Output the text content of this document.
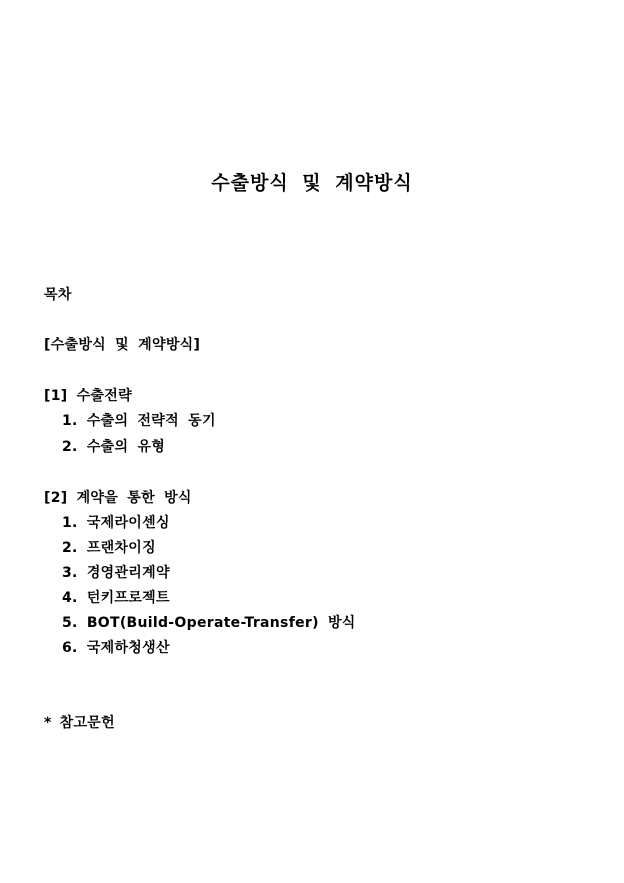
수출방식 및 계약방식
목차
[수출방식 및 계약방식]
[1] 수출전략
1. 수출의 전략적 동기
2. 수출의 유형
[2] 계약을 통한 방식
1. 국제라이센싱
2. 프랜차이징
3. 경영관리계약
4. 턴키프로젝트
5. BOT(Build-Operate-Transfer) 방식
6. 국제하청생산
* 참고문헌
